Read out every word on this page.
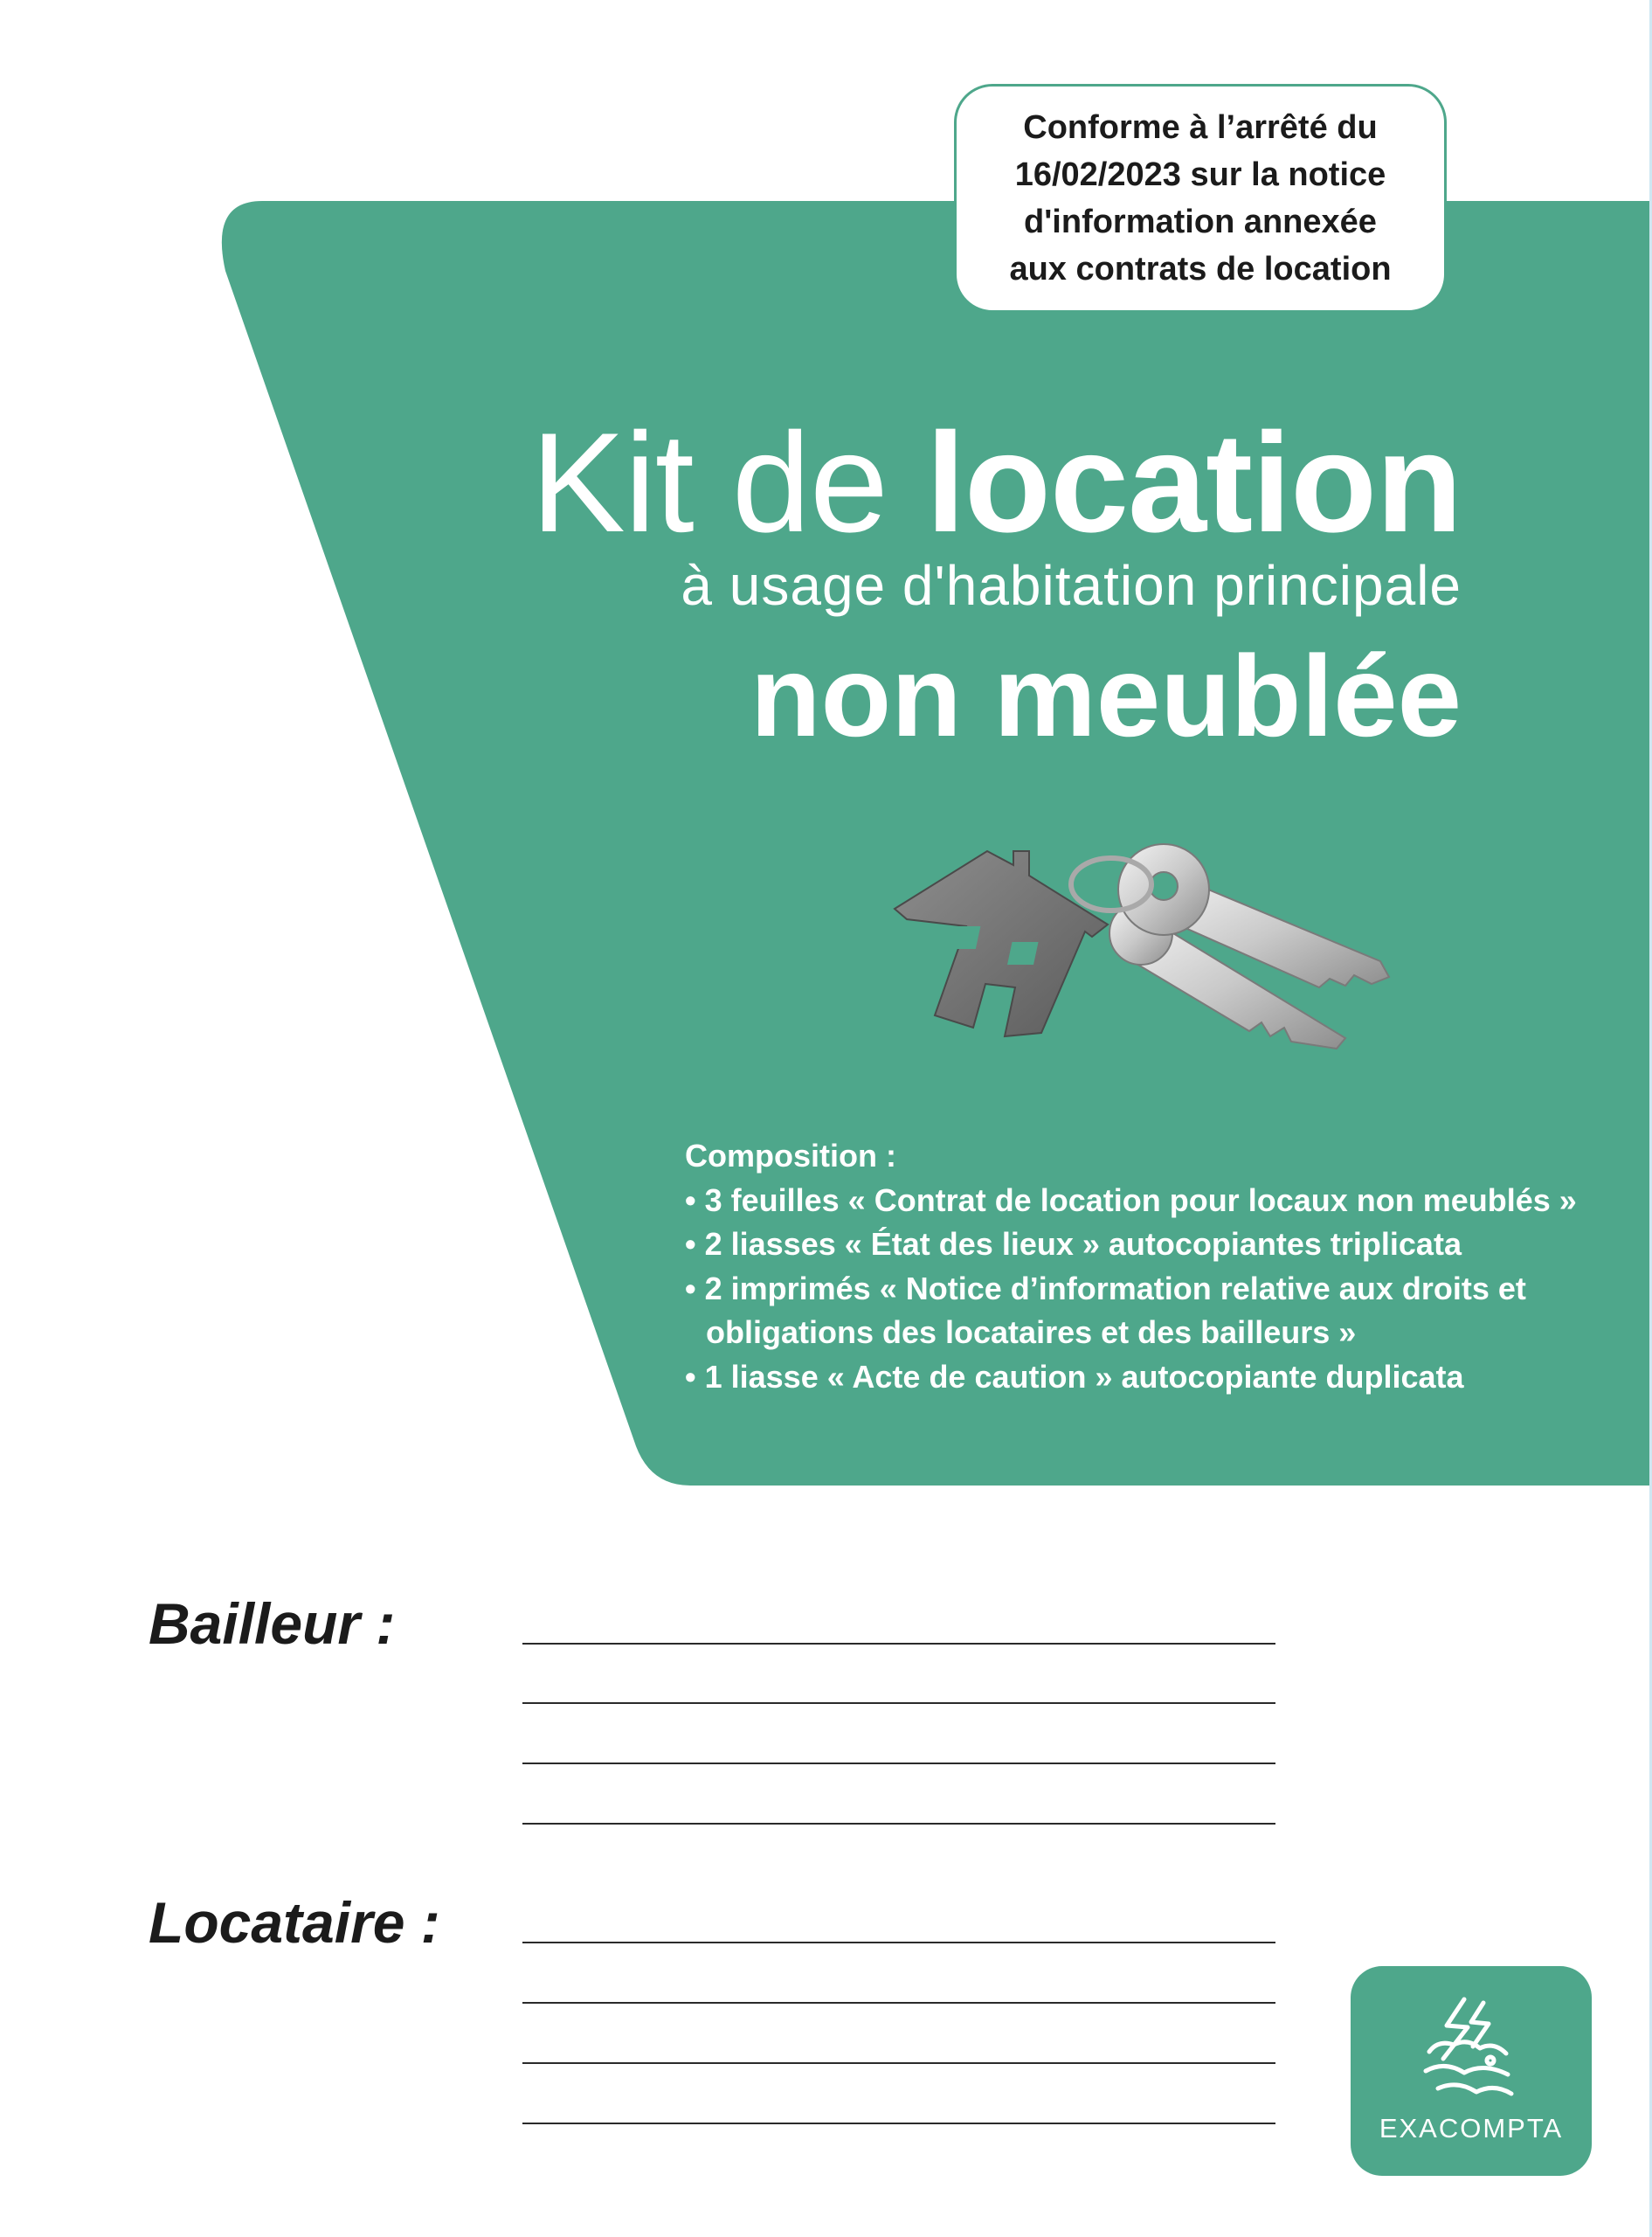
Conforme à l’arrêté du
16/02/2023 sur la notice
d'information annexée
aux contrats de location
Kit de location
à usage d'habitation principale
non meublée
Composition :
• 3 feuilles « Contrat de location pour locaux non meublés »
• 2 liasses « État des lieux » autocopiantes triplicata
• 2 imprimés « Notice d’information relative aux droits et
obligations des locataires et des bailleurs »
• 1 liasse « Acte de caution » autocopiante duplicata
Bailleur :
Locataire :
EXACOMPTA
